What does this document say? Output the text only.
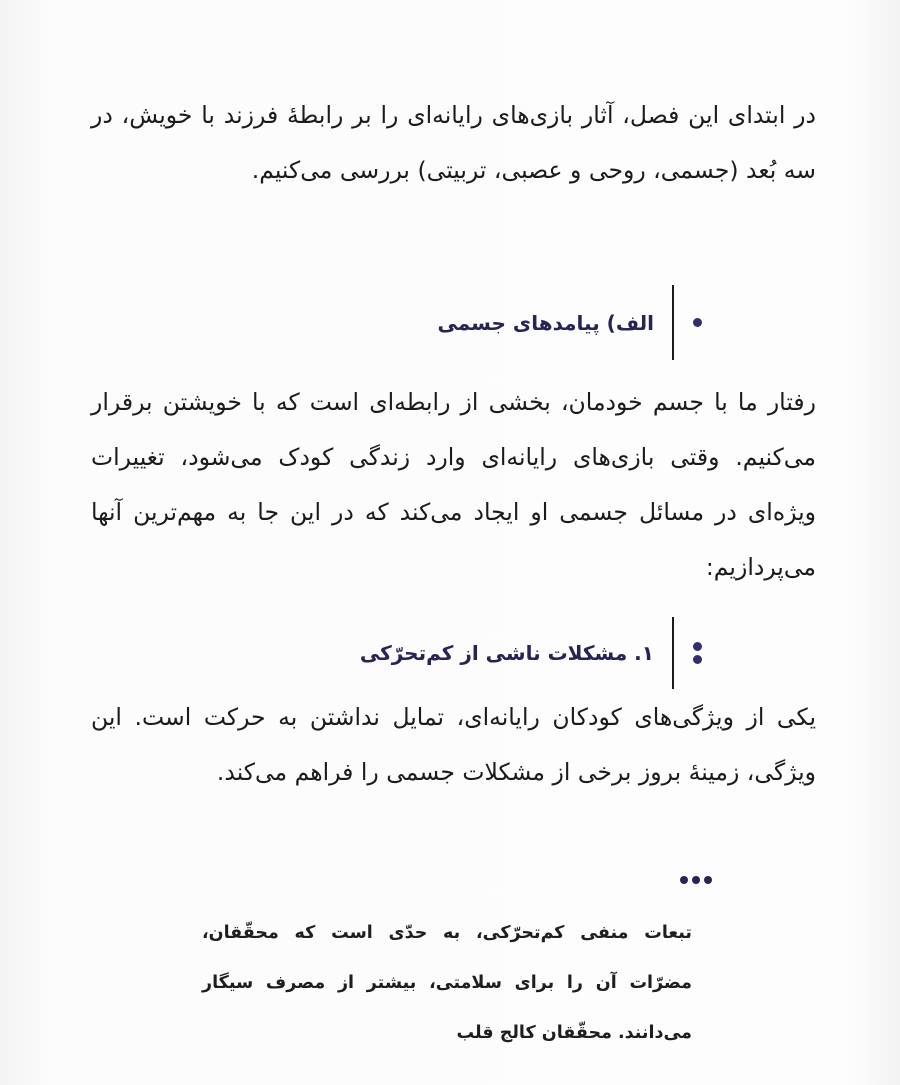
در ابتدای این فصل، آثار بازی‌های رایانه‌ای را بر رابطهٔ فرزند با خویش، در سه بُعد (جسمی، روحی و عصبی، تربیتی) بررسی می‌کنیم.

الف) پیامدهای جسمی

رفتار ما با جسم خودمان، بخشی از رابطه‌ای است که با خویشتن برقرار می‌کنیم. وقتی بازی‌های رایانه‌ای وارد زندگی کودک می‌شود، تغییرات ویژه‌ای در مسائل جسمی او ایجاد می‌کند که در این جا به مهم‌ترین آنها می‌پردازیم:

۱. مشکلات ناشی از کم‌تحرّکی

یکی از ویژگی‌های کودکان رایانه‌ای، تمایل نداشتن به حرکت است. این ویژگی، زمینهٔ بروز برخی از مشکلات جسمی را فراهم می‌کند.

تبعات منفی کم‌تحرّکی، به حدّی است که محقّقان، مضرّات آن را برای سلامتی، بیشتر از مصرف سیگار می‌دانند. محقّقان کالج قلب
